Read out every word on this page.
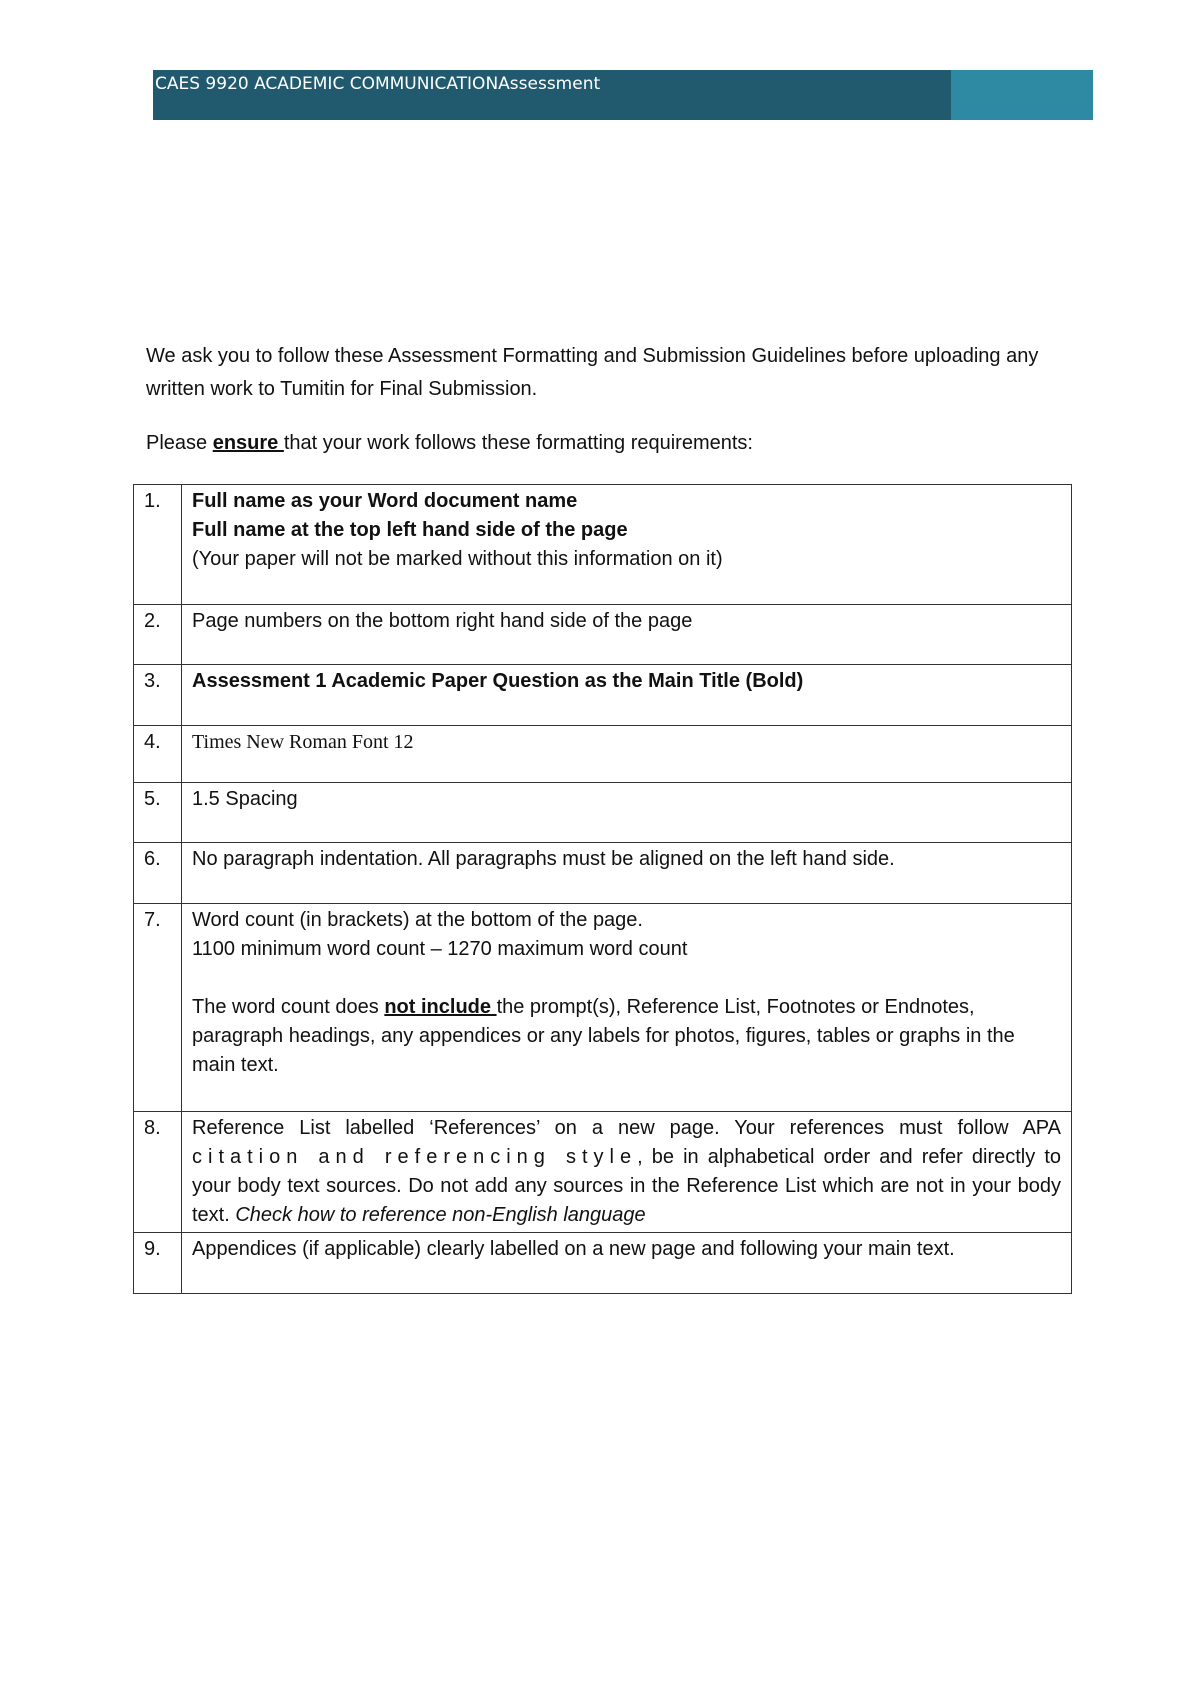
CAES 9920 ACADEMIC COMMUNICATIONAssessment

We ask you to follow these Assessment Formatting and Submission Guidelines before uploading any written work to Tumitin for Final Submission.

Please ensure that your work follows these formatting requirements:

1.	Full name as your Word document name
Full name at the top left hand side of the page
(Your paper will not be marked without this information on it)

2.	Page numbers on the bottom right hand side of the page
3.	Assessment 1 Academic Paper Question as the Main Title (Bold)
4.	Times New Roman Font 12
5.	1.5 Spacing
6.	No paragraph indentation. All paragraphs must be aligned on the left hand side.
7.	Word count (in brackets) at the bottom of the page.
1100 minimum word count – 1270 maximum word count
The word count does not include the prompt(s), Reference List, Footnotes or Endnotes, paragraph headings, any appendices or any labels for photos, figures, tables or graphs in the main text.

8.	Reference List labelled ‘References’ on a new page. Your references must follow APA citation and referencing style, be in alphabetical order and refer directly to your body text sources. Do not add any sources in the Reference List which are not in your body text. Check how to reference non-English language
9.	Appendices (if applicable) clearly labelled on a new page and following your main text.
